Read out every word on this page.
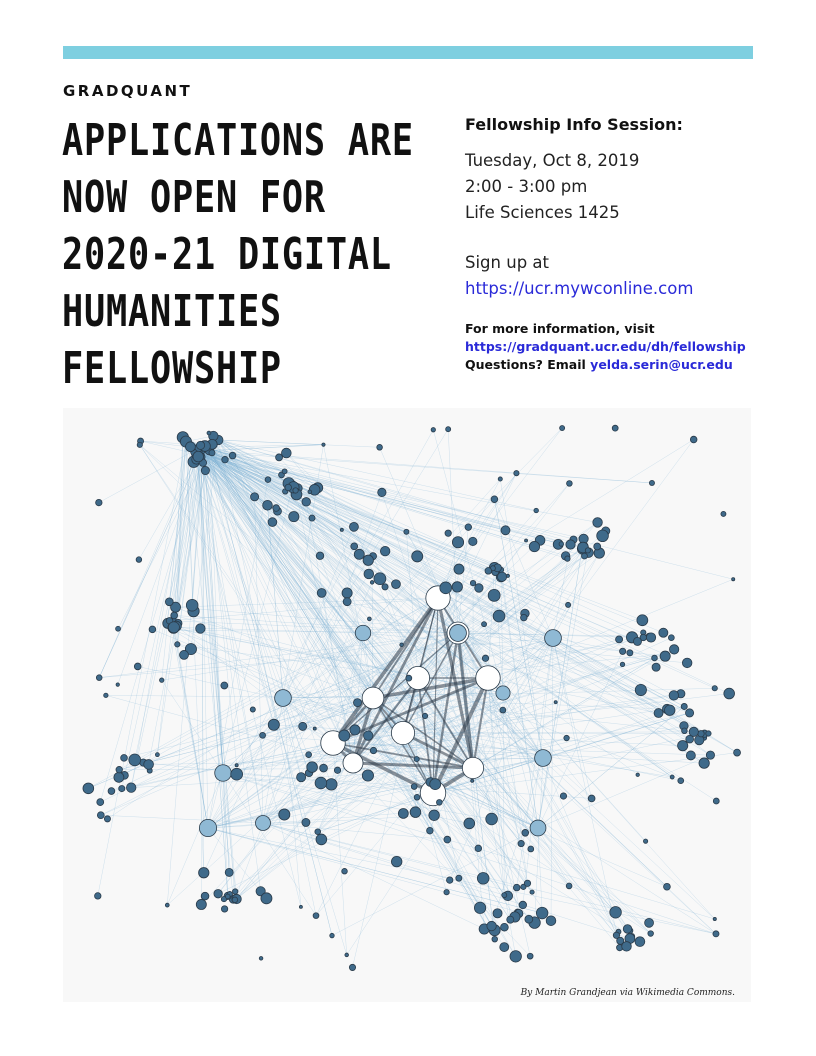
GRADQUANT
APPLICATIONS ARE
NOW OPEN FOR
2020-21 DIGITAL
HUMANITIES
FELLOWSHIP
Fellowship Info Session:
Tuesday, Oct 8, 2019
2:00 - 3:00 pm
Life Sciences 1425
Sign up at
https://ucr.mywconline.com
For more information, visit
https://gradquant.ucr.edu/dh/fellowship
Questions? Email yelda.serin@ucr.edu
By Martin Grandjean via Wikimedia Commons.
